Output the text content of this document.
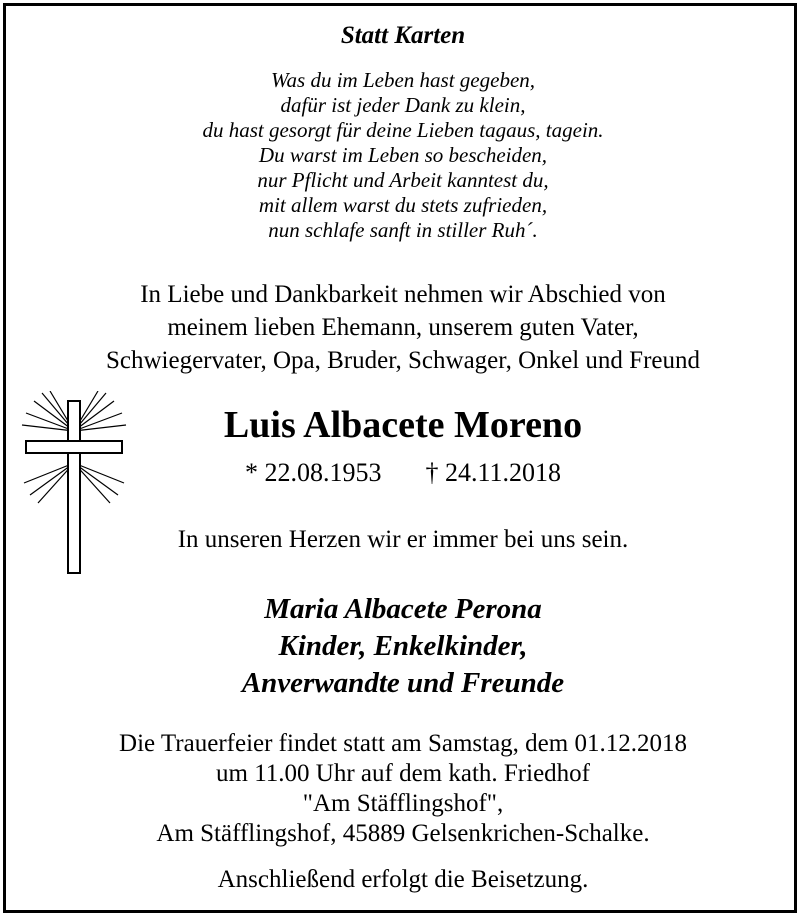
Statt Karten
Was du im Leben hast gegeben,
dafür ist jeder Dank zu klein,
du hast gesorgt für deine Lieben tagaus, tagein.
Du warst im Leben so bescheiden,
nur Pflicht und Arbeit kanntest du,
mit allem warst du stets zufrieden,
nun schlafe sanft in stiller Ruh´.
In Liebe und Dankbarkeit nehmen wir Abschied von
meinem lieben Ehemann, unserem guten Vater,
Schwiegervater, Opa, Bruder, Schwager, Onkel und Freund
Luis Albacete Moreno
* 22.08.1953 † 24.11.2018
In unseren Herzen wir er immer bei uns sein.
Maria Albacete Perona
Kinder, Enkelkinder,
Anverwandte und Freunde
Die Trauerfeier findet statt am Samstag, dem 01.12.2018
um 11.00 Uhr auf dem kath. Friedhof
"Am Stäfflingshof",
Am Stäfflingshof, 45889 Gelsenkrichen-Schalke.
Anschließend erfolgt die Beisetzung.
